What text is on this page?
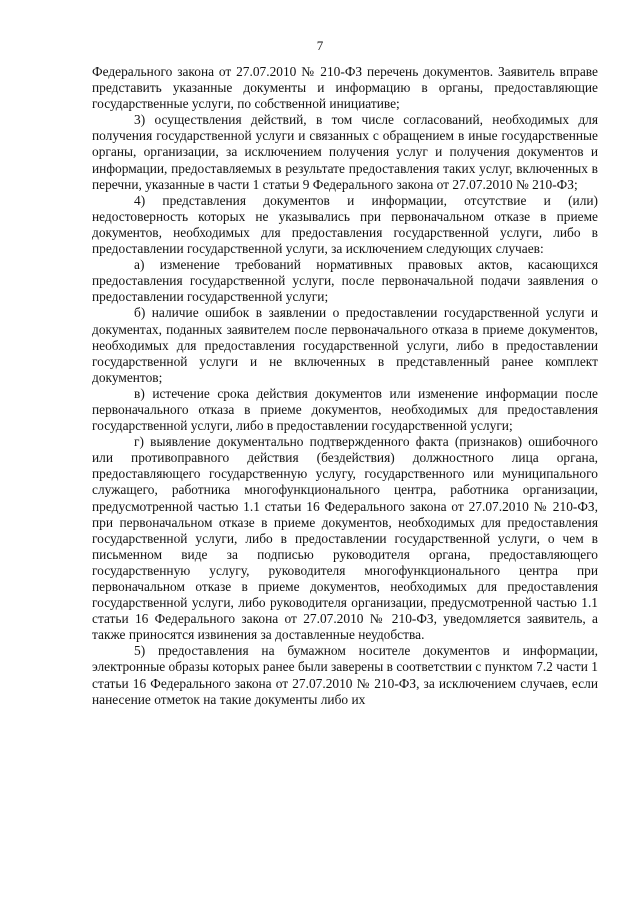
7

Федерального закона от 27.07.2010 № 210-ФЗ перечень документов. Заявитель вправе представить указанные документы и информацию в органы, предоставляющие государственные услуги, по собственной инициативе;

3) осуществления действий, в том числе согласований, необходимых для получения государственной услуги и связанных с обращением в иные государственные органы, организации, за исключением получения услуг и получения документов и информации, предоставляемых в результате предоставления таких услуг, включенных в перечни, указанные в части 1 статьи 9 Федерального закона от 27.07.2010 № 210-ФЗ;

4) представления документов и информации, отсутствие и (или) недостоверность которых не указывались при первоначальном отказе в приеме документов, необходимых для предоставления государственной услуги, либо в предоставлении государственной услуги, за исключением следующих случаев:

а) изменение требований нормативных правовых актов, касающихся предоставления государственной услуги, после первоначальной подачи заявления о предоставлении государственной услуги;

б) наличие ошибок в заявлении о предоставлении государственной услуги и документах, поданных заявителем после первоначального отказа в приеме документов, необходимых для предоставления государственной услуги, либо в предоставлении государственной услуги и не включенных в представленный ранее комплект документов;

в) истечение срока действия документов или изменение информации после первоначального отказа в приеме документов, необходимых для предоставления государственной услуги, либо в предоставлении государственной услуги;

г) выявление документально подтвержденного факта (признаков) ошибочного или противоправного действия (бездействия) должностного лица органа, предоставляющего государственную услугу, государственного или муниципального служащего, работника многофункционального центра, работника организации, предусмотренной частью 1.1 статьи 16 Федерального закона от 27.07.2010 № 210-ФЗ, при первоначальном отказе в приеме документов, необходимых для предоставления государственной услуги, либо в предоставлении государственной услуги, о чем в письменном виде за подписью руководителя органа, предоставляющего государственную услугу, руководителя многофункционального центра при первоначальном отказе в приеме документов, необходимых для предоставления государственной услуги, либо руководителя организации, предусмотренной частью 1.1 статьи 16 Федерального закона от 27.07.2010 № 210-ФЗ, уведомляется заявитель, а также приносятся извинения за доставленные неудобства.

5) предоставления на бумажном носителе документов и информации, электронные образы которых ранее были заверены в соответствии с пунктом 7.2 части 1 статьи 16 Федерального закона от 27.07.2010 № 210-ФЗ, за исключением случаев, если нанесение отметок на такие документы либо их
